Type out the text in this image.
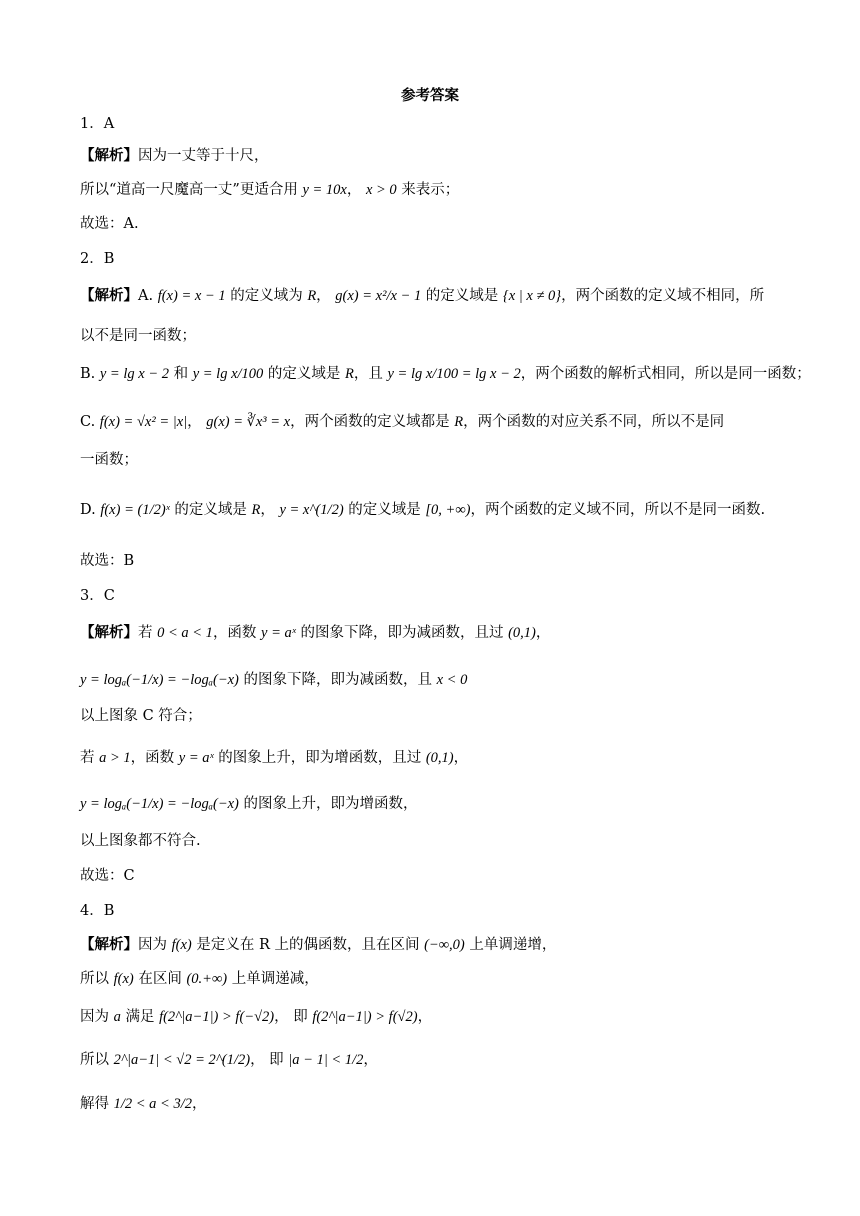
参考答案
1．A
【解析】因为一丈等于十尺，
所以“道高一尺魔高一丈”更适合用 y = 10x， x > 0 来表示；
故选：A.
2．B
【解析】A. f(x) = x − 1 的定义域为 R， g(x) = x²/x − 1 的定义域是 {x | x ≠ 0}，两个函数的定义域不相同，所
以不是同一函数；
B. y = lg x − 2 和 y = lg x/100 的定义域是 R，且 y = lg x/100 = lg x − 2，两个函数的解析式相同，所以是同一函数；
C. f(x) = √x² = |x|， g(x) = ∛x³ = x，两个函数的定义域都是 R，两个函数的对应关系不同，所以不是同
一函数；
D. f(x) = (1/2)ˣ 的定义域是 R， y = x^(1/2) 的定义域是 [0, +∞)，两个函数的定义域不同，所以不是同一函数.
故选：B
3．C
【解析】若 0 < a < 1，函数 y = aˣ 的图象下降，即为减函数，且过 (0,1)，
y = logₐ(−1/x) = −logₐ(−x) 的图象下降，即为减函数，且 x < 0
以上图象 C 符合；
若 a > 1，函数 y = aˣ 的图象上升，即为增函数，且过 (0,1)，
y = logₐ(−1/x) = −logₐ(−x) 的图象上升，即为增函数，
以上图象都不符合.
故选：C
4．B
【解析】因为 f(x) 是定义在 R 上的偶函数，且在区间 (−∞,0) 上单调递增，
所以 f(x) 在区间 (0.+∞) 上单调递减，
因为 a 满足 f(2^|a−1|) > f(−√2)， 即 f(2^|a−1|) > f(√2)，
所以 2^|a−1| < √2 = 2^(1/2)， 即 |a − 1| < 1/2，
解得 1/2 < a < 3/2，
